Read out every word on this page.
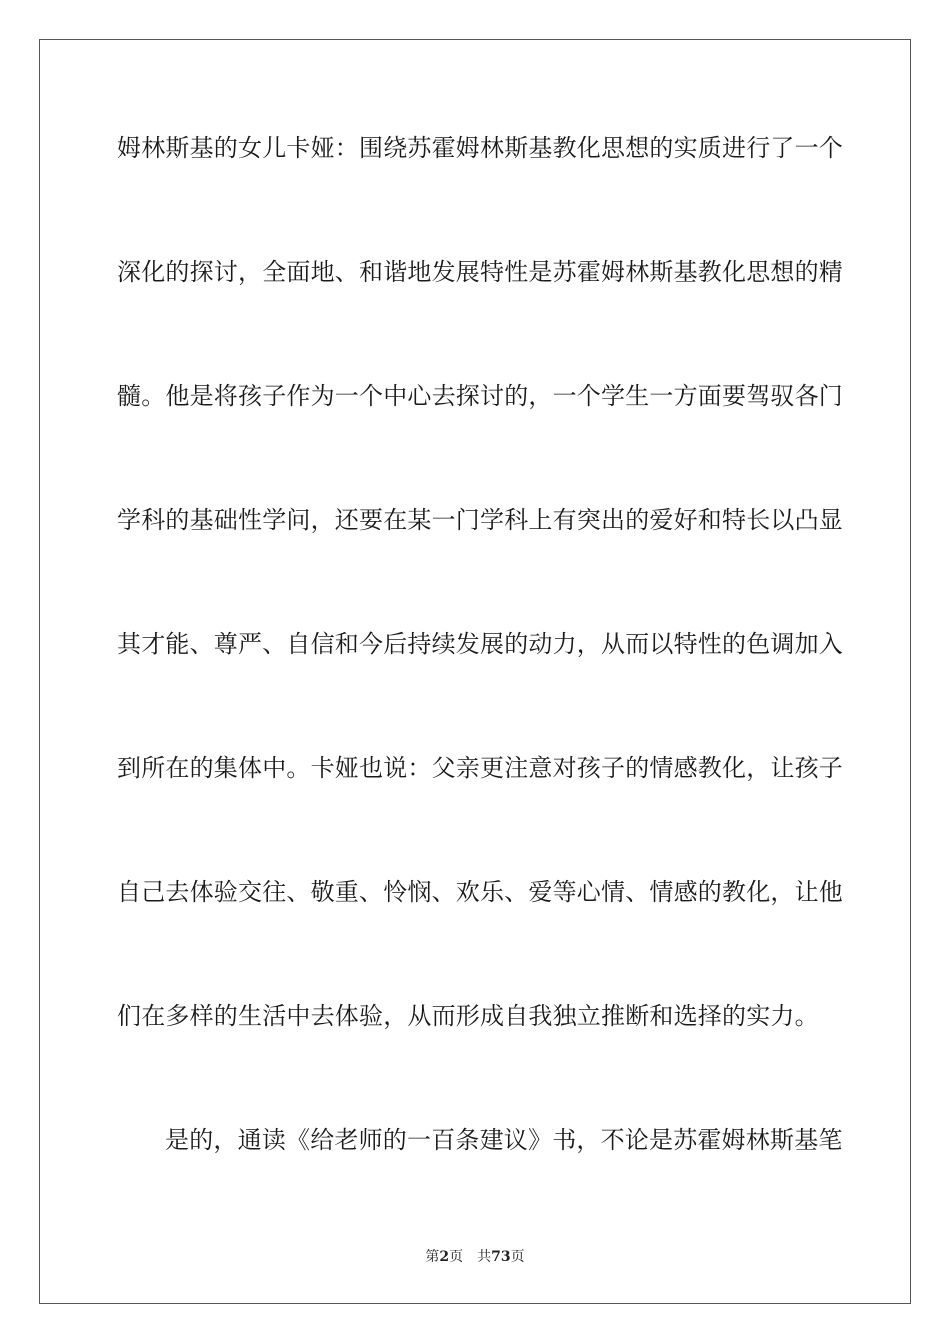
姆林斯基的女儿卡娅：围绕苏霍姆林斯基教化思想的实质进行了一个
深化的探讨，全面地、和谐地发展特性是苏霍姆林斯基教化思想的精
髓。他是将孩子作为一个中心去探讨的，一个学生一方面要驾驭各门
学科的基础性学问，还要在某一门学科上有突出的爱好和特长以凸显
其才能、尊严、自信和今后持续发展的动力，从而以特性的色调加入
到所在的集体中。卡娅也说：父亲更注意对孩子的情感教化，让孩子
自己去体验交往、敬重、怜悯、欢乐、爱等心情、情感的教化，让他
们在多样的生活中去体验，从而形成自我独立推断和选择的实力。
是的，通读《给老师的一百条建议》书，不论是苏霍姆林斯基笔
第2页 共73页
